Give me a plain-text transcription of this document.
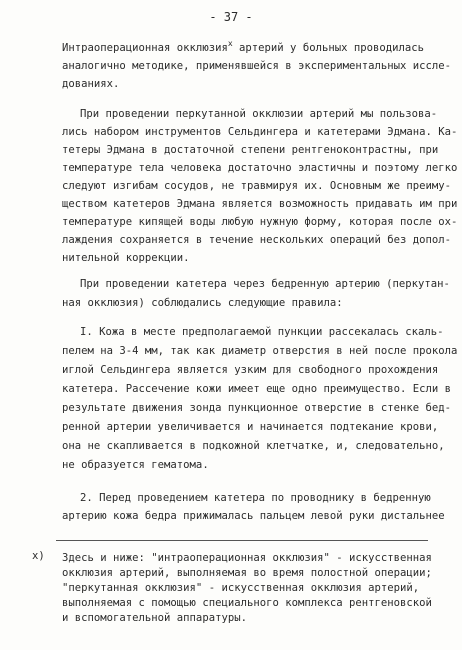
- 37 -
Интраоперационная окклюзия$^x$ артерий у больных проводилась
аналогично методике, применявшейся в экспериментальных иссле-
дованиях.
При проведении перкутанной окклюзии артерий мы пользова-
лись набором инструментов Сельдингера и катетерами Эдмана. Ка-
тетеры Эдмана в достаточной степени рентгеноконтрастны, при
температуре тела человека достаточно эластичны и поэтому легко
следуют изгибам сосудов, не травмируя их. Основным же преиму-
ществом катетеров Эдмана является возможность придавать им при
температуре кипящей воды любую нужную форму, которая после ох-
лаждения сохраняется в течение нескольких операций без допол-
нительной коррекции.
При проведении катетера через бедренную артерию (перкутан-
ная окклюзия) соблюдались следующие правила:
I. Кожа в месте предполагаемой пункции рассекалась скаль-
пелем на 3-4 мм, так как диаметр отверстия в ней после прокола
иглой Сельдингера является узким для свободного прохождения
катетера. Рассечение кожи имеет еще одно преимущество. Если в
результате движения зонда пункционное отверстие в стенке бед-
ренной артерии увеличивается и начинается подтекание крови,
она не скапливается в подкожной клетчатке, и, следовательно,
не образуется гематома.
2. Перед проведением катетера по проводнику в бедренную
артерию кожа бедра прижималась пальцем левой руки дистальнее
x) Здесь и ниже: "интраоперационная окклюзия" - искусственная
окклюзия артерий, выполняемая во время полостной операции;
"перкутанная окклюзия" - искусственная окклюзия артерий,
выполняемая с помощью специального комплекса рентгеновской
и вспомогательной аппаратуры.
